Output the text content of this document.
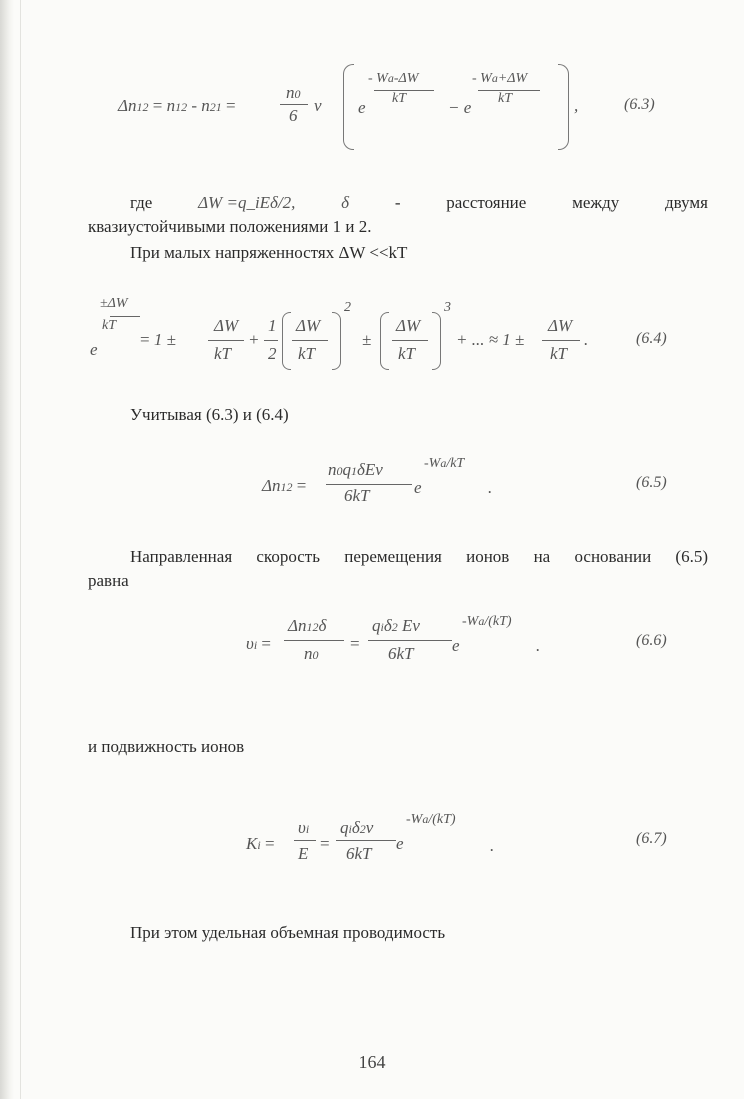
Δn12 = n12 - n21 =
n0
6
ν e
- Wa-ΔW
kT − e
- Wa+ΔW
kT	,	(6.3)
где	ΔW =q_iEδ/2,	δ	-	расстояние	между	двумя
квазиустойчивыми положениями 1 и 2.
При малых напряженностях ΔW <<kT
e
±ΔW
kT
= 1 ±
ΔW
kT
+
1
2
ΔW
kT
2
±
ΔW
kT
3
+ ... ≈ 1 ±
ΔW
kT
.	(6.4)
Учитывая (6.3) и (6.4)
Δn12 =
n0q1δEν
6kT	e
-Wa/kT
.	(6.5)
Направленная скорость перемещения ионов на основании (6.5)
равна
υi =
Δn12δ
n0
=
qiδ2 Eν
6kT e
-Wa/(kT)
.	(6.6)
и подвижность ионов
Ki =
υi
E
=
qiδ2ν
6kT
e
-Wa/(kT)
.	(6.7)
При этом удельная объемная проводимость
164
